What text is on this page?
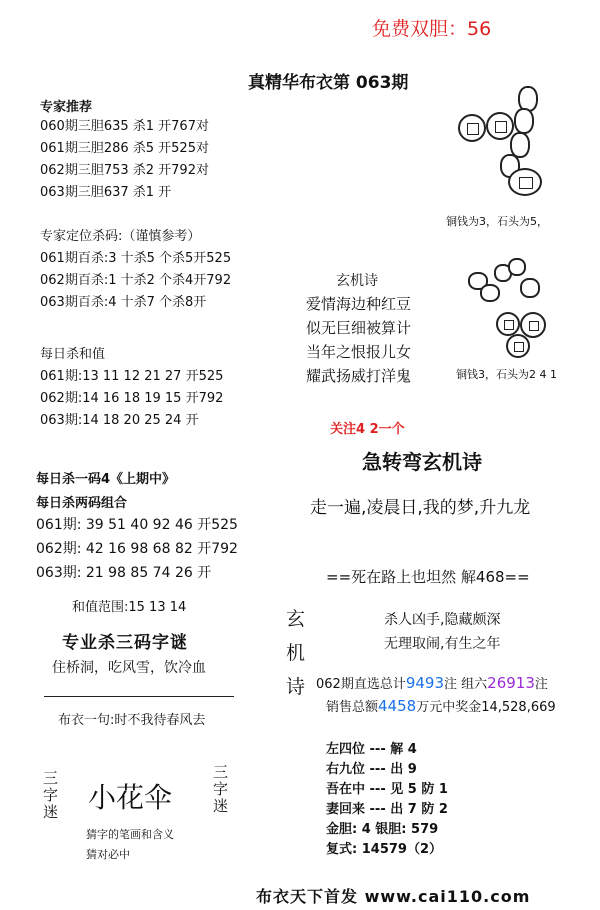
免费双胆：56
真精华布衣第 063期
专家推荐
060期三胆635 杀1 开767对
061期三胆286 杀5 开525对
062期三胆753 杀2 开792对
063期三胆637 杀1 开
专家定位杀码:（谨慎参考）
061期百杀:3 十杀5 个杀5开525
062期百杀:1 十杀2 个杀4开792
063期百杀:4 十杀7 个杀8开
每日杀和值
061期:13 11 12 21 27 开525
062期:14 16 18 19 15 开792
063期:14 18 20 25 24 开
每日杀一码4《上期中》
每日杀两码组合
061期: 39 51 40 92 46 开525
062期: 42 16 98 68 82 开792
063期: 21 98 85 74 26 开
和值范围:15 13 14
专业杀三码字谜
住桥洞，吃风雪，饮冷血
布衣一句:时不我待春风去
三字迷 小花伞	三字迷
猜字的笔画和含义
猜对必中
铜钱为3，石头为5，
铜钱3，石头为2 4 1
玄机诗
爱情海边种红豆
似无巨细被算计
当年之恨报儿女
耀武扬威打洋鬼
关注4 2一个
急转弯玄机诗
走一遍,凌晨日,我的梦,升九龙
==死在路上也坦然 解468==
玄
机
诗
杀人凶手,隐藏颇深
无理取闹,有生之年
062期直选总计9493注 组六26913注
销售总额4458万元中奖金14,528,669
左四位 --- 解 4
右九位 --- 出 9
吾在中 --- 见 5 防 1
妻回来 --- 出 7 防 2
金胆: 4 银胆: 579
复式: 14579（2）
布衣天下首发 www.cai110.com
